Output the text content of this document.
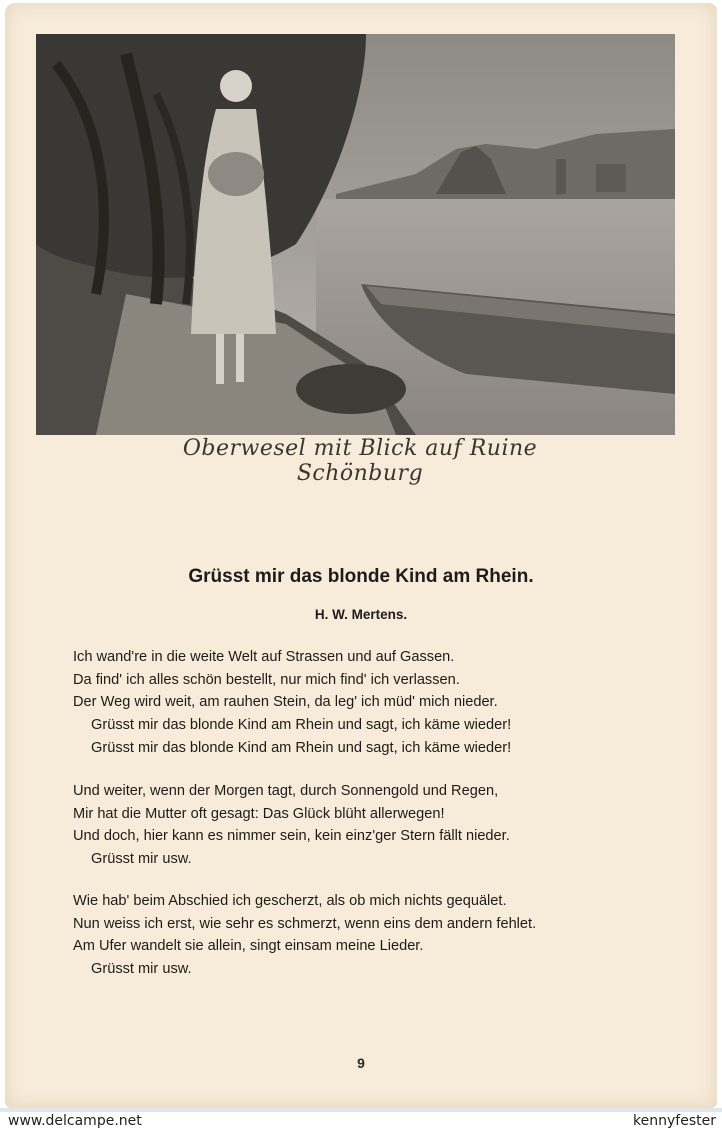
Oberwesel mit Blick auf Ruine Schönburg
Grüsst mir das blonde Kind am Rhein.
H. W. Mertens.
Ich wand're in die weite Welt auf Strassen und auf Gassen.
Da find' ich alles schön bestellt, nur mich find' ich verlassen.
Der Weg wird weit, am rauhen Stein, da leg' ich müd' mich nieder.
Grüsst mir das blonde Kind am Rhein und sagt, ich käme wieder!
Grüsst mir das blonde Kind am Rhein und sagt, ich käme wieder!
Und weiter, wenn der Morgen tagt, durch Sonnengold und Regen,
Mir hat die Mutter oft gesagt: Das Glück blüht allerwegen!
Und doch, hier kann es nimmer sein, kein einz'ger Stern fällt nieder.
Grüsst mir usw.
Wie hab' beim Abschied ich gescherzt, als ob mich nichts gequälet.
Nun weiss ich erst, wie sehr es schmerzt, wenn eins dem andern fehlet.
Am Ufer wandelt sie allein, singt einsam meine Lieder.
Grüsst mir usw.
9
www.delcampe.net	kennyfester
